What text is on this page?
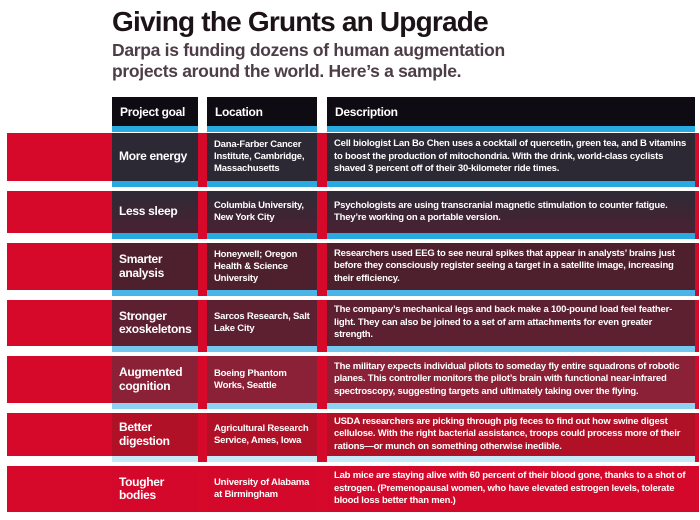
Giving the Grunts an Upgrade

Darpa is funding dozens of human augmentation projects around the world. Here’s a sample.

Project goal Location	Description
More energy
Dana-Farber Cancer Institute, Cambridge, Massachusetts
Cell biologist Lan Bo Chen uses a cocktail of quercetin, green tea, and B vitamins to boost the production of mitochondria. With the drink, world-class cyclists shaved 3 percent off of their 30-kilometer ride times.
Less sleep	Columbia University, New York City
Psychologists are using transcranial magnetic stimulation to counter fatigue. They’re working on a portable version.
Smarter analysis
Honeywell; Oregon Health & Science University
Researchers used EEG to see neural spikes that appear in analysts’ brains just before they consciously register seeing a target in a satellite image, increasing their efficiency.
Stronger exoskeletons
Sarcos Research, Salt Lake City
The company’s mechanical legs and back make a 100-pound load feel feather-light. They can also be joined to a set of arm attachments for even greater strength.
Augmented cognition
Boeing Phantom Works, Seattle
The military expects individual pilots to someday fly entire squadrons of robotic planes. This controller monitors the pilot’s brain with functional near-infrared spectroscopy, suggesting targets and ultimately taking over the flying.
Better digestion
Agricultural Research Service, Ames, Iowa
USDA researchers are picking through pig feces to find out how swine digest cellulose. With the right bacterial assistance, troops could process more of their rations—or munch on something otherwise inedible.
Tougher bodies
University of Alabama at Birmingham
Lab mice are staying alive with 60 percent of their blood gone, thanks to a shot of estrogen. (Premenopausal women, who have elevated estrogen levels, tolerate blood loss better than men.)
